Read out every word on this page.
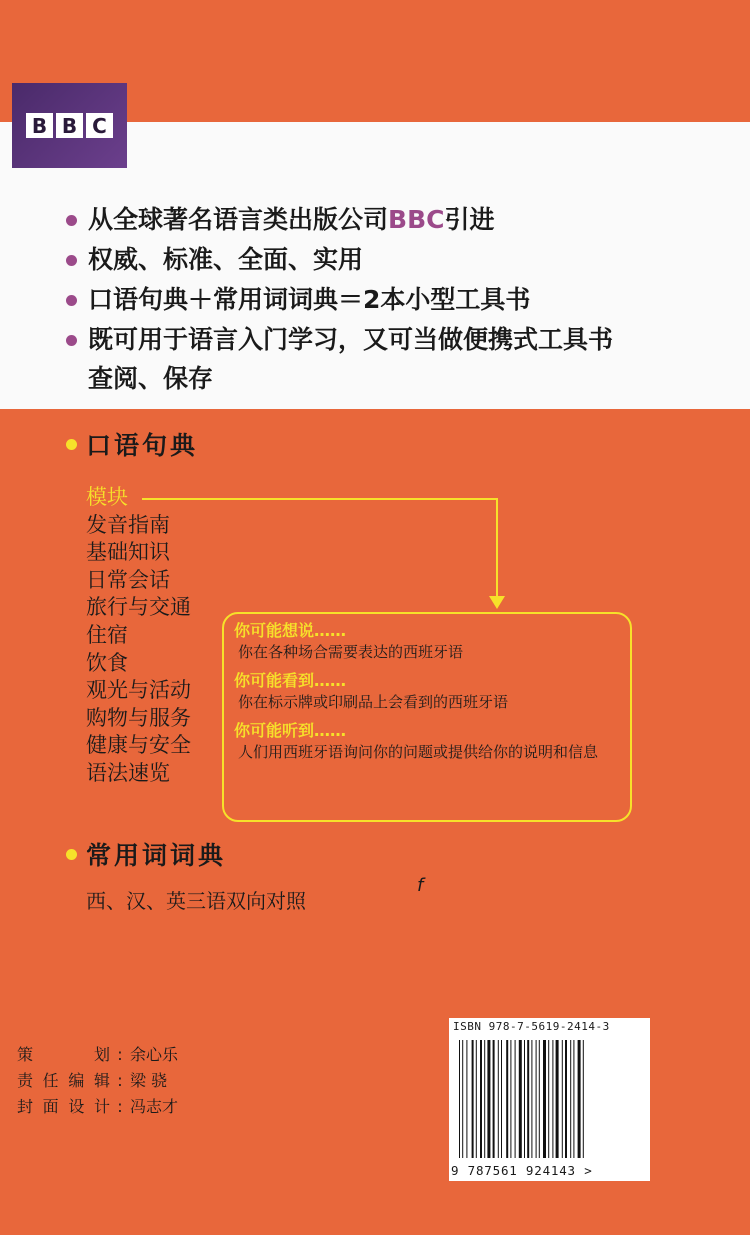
B B C
从全球著名语言类出版公司BBC引进
权威、标准、全面、实用
口语句典＋常用词词典＝2本小型工具书
既可用于语言入门学习，又可当做便携式工具书
查阅、保存
口语句典
模块
发音指南
基础知识
日常会话
旅行与交通
住宿
饮食
观光与活动
购物与服务
健康与安全
语法速览
你可能想说……
你在各种场合需要表达的西班牙语
你可能看到……
你在标示牌或印刷品上会看到的西班牙语
你可能听到……
人们用西班牙语询问你的问题或提供给你的说明和信息
常用词词典
西、汉、英三语双向对照
f
策划 : 余心乐
责任编辑 : 梁 骁
封面设计 : 冯志才
ISBN 978-7-5619-2414-3
9 787561 924143 >
